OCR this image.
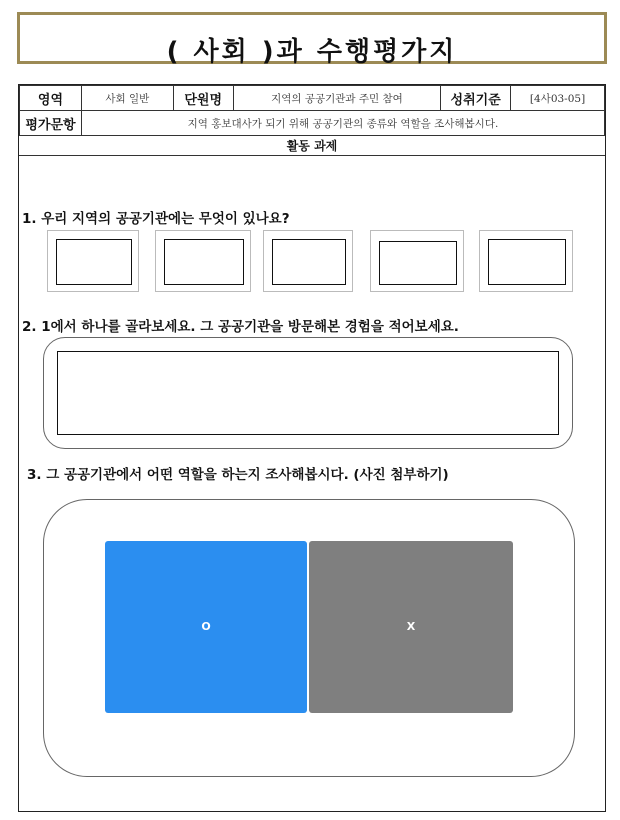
( 사회 )과 수행평가지
영역	사회 일반	단원명	지역의 공공기관과 주민 참여	성취기준	[4사03-05]
평가문항	지역 홍보대사가 되기 위해 공공기관의 종류와 역할을 조사해봅시다.				
활동 과제
1. 우리 지역의 공공기관에는 무엇이 있나요?
2. 1에서 하나를 골라보세요. 그 공공기관을 방문해본 경험을 적어보세요.
3. 그 공공기관에서 어떤 역할을 하는지 조사해봅시다. (사진 첨부하기)
O	X
